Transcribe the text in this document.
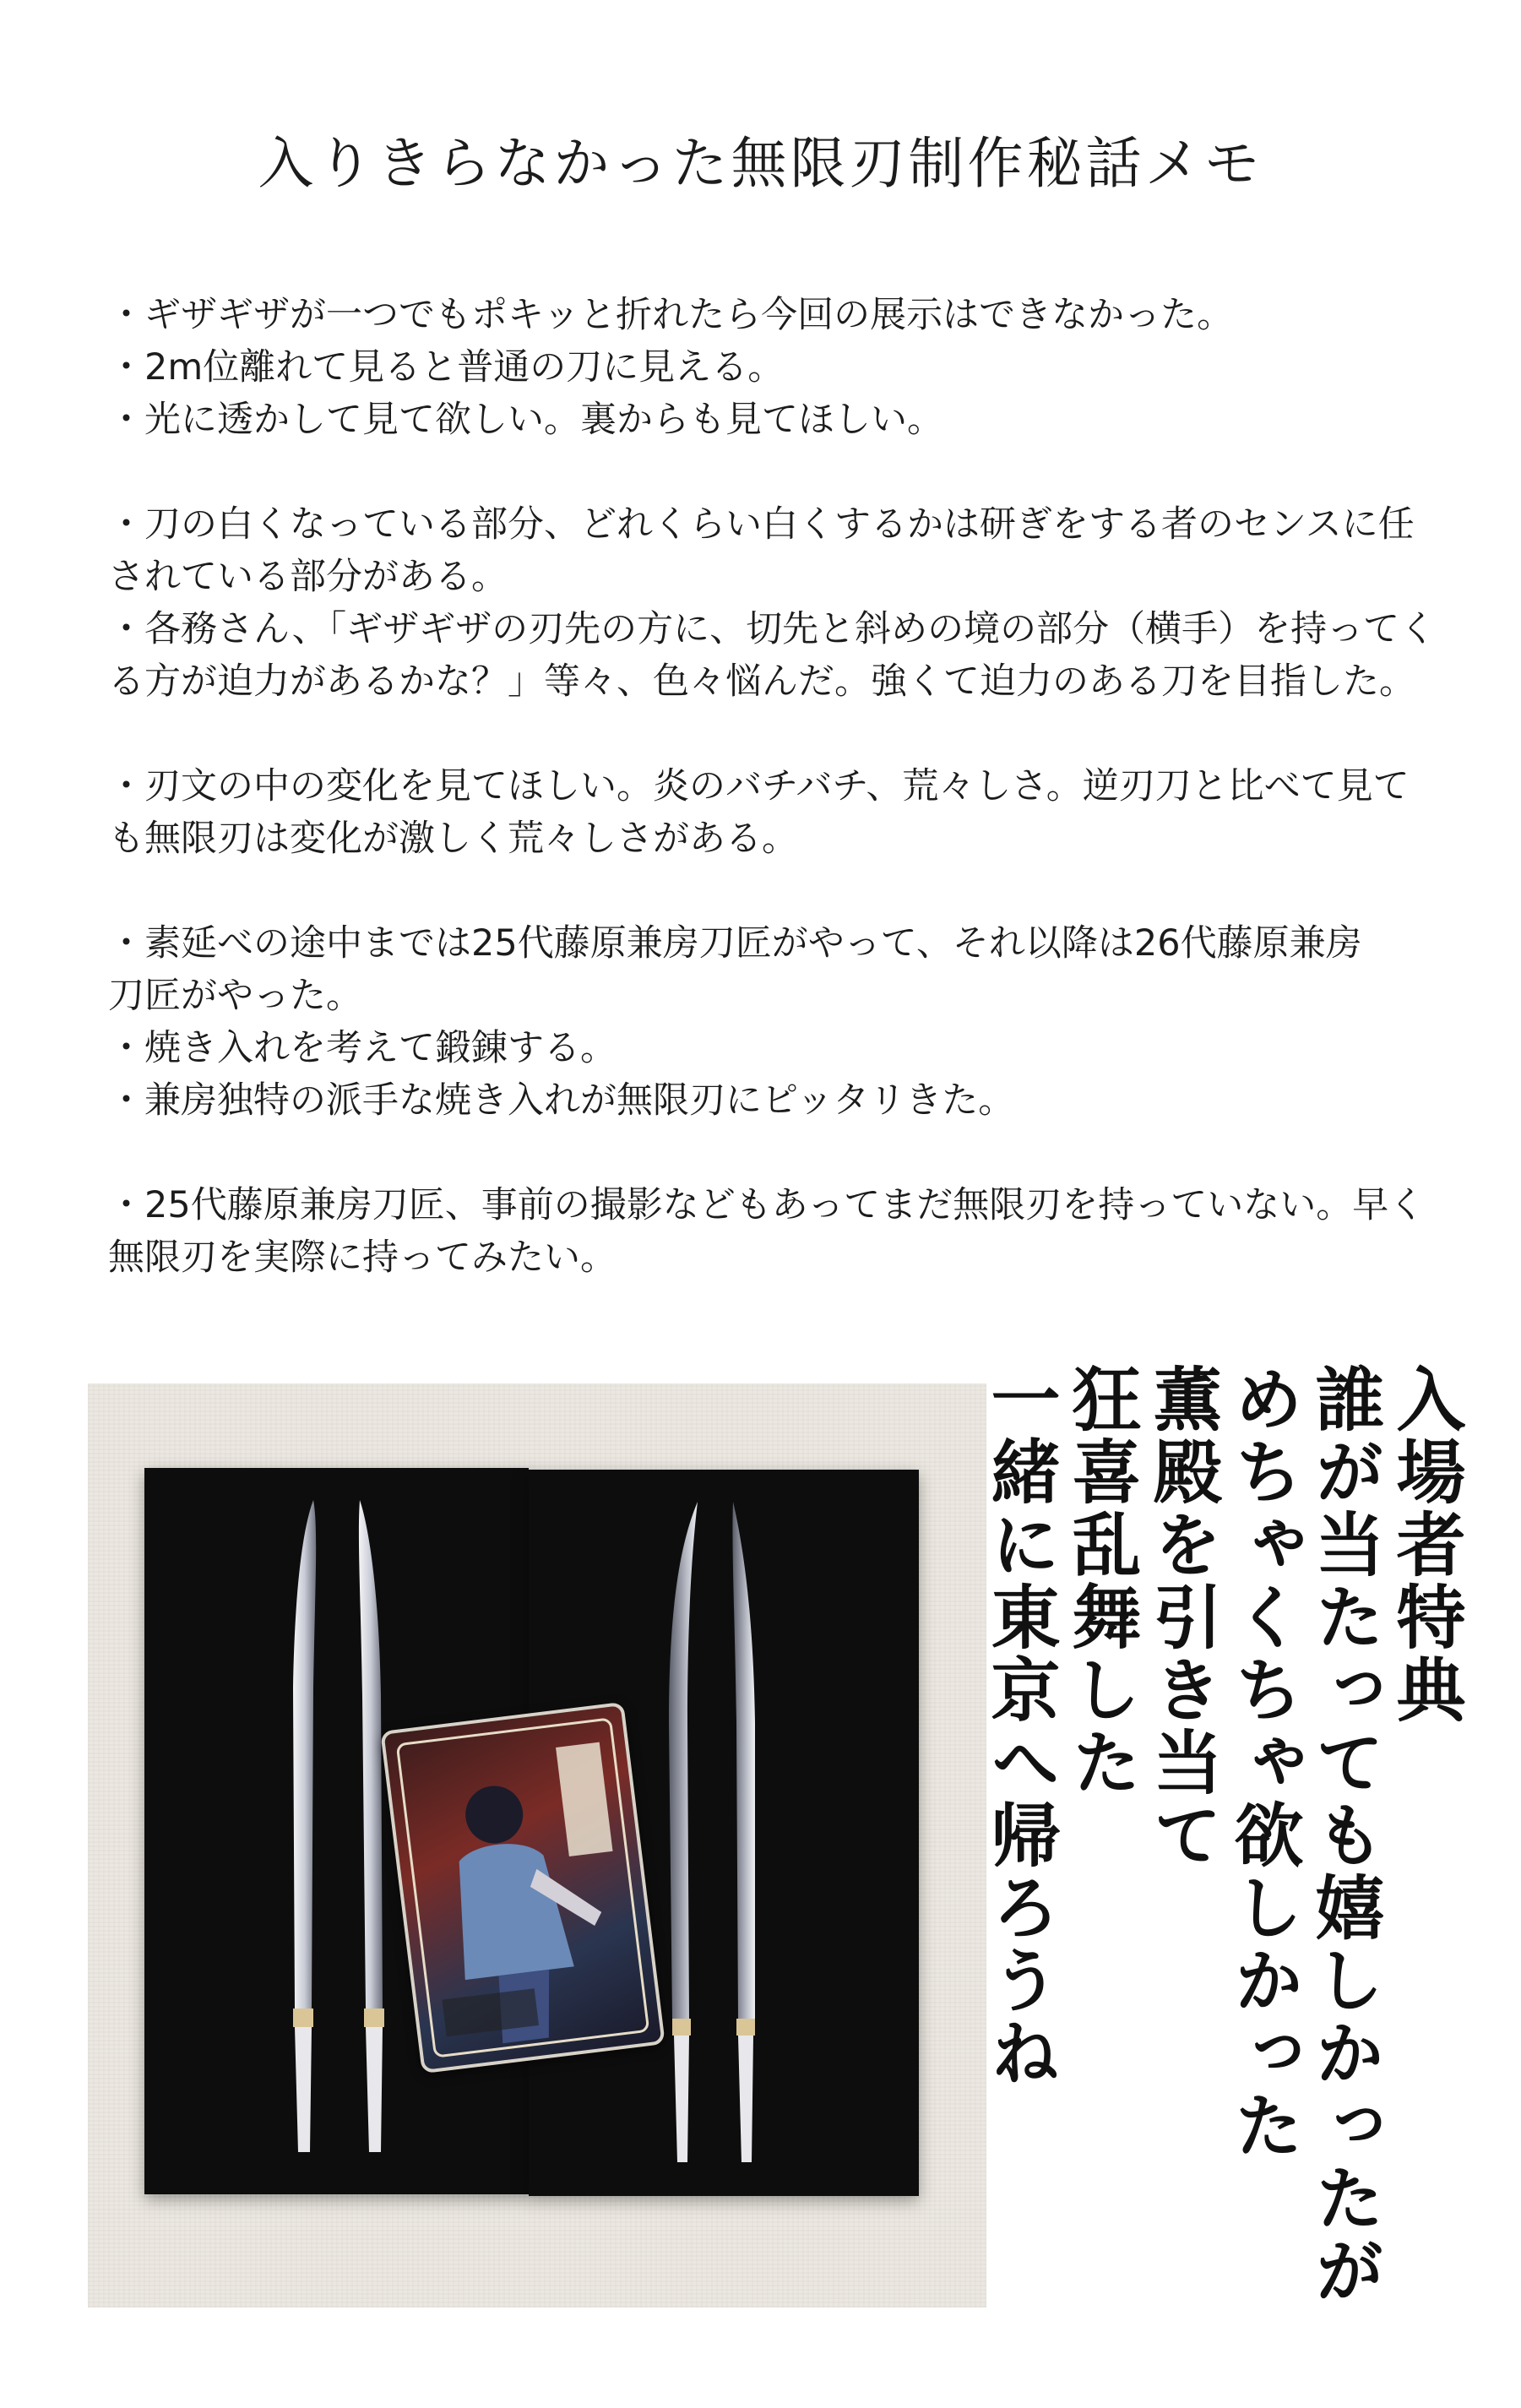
入りきらなかった無限刃制作秘話メモ

・ギザギザが一つでもポキッと折れたら今回の展示はできなかった。
・2m位離れて見ると普通の刀に見える。
・光に透かして見て欲しい。裏からも見てほしい。

・刀の白くなっている部分、どれくらい白くするかは研ぎをする者のセンスに任
されている部分がある。
・各務さん、「ギザギザの刃先の方に、切先と斜めの境の部分（横手）を持ってく
る方が迫力があるかな？」等々、色々悩んだ。強くて迫力のある刀を目指した。

・刃文の中の変化を見てほしい。炎のバチバチ、荒々しさ。逆刃刀と比べて見て
も無限刃は変化が激しく荒々しさがある。

・素延べの途中までは25代藤原兼房刀匠がやって、それ以降は26代藤原兼房
刀匠がやった。
・焼き入れを考えて鍛錬する。
・兼房独特の派手な焼き入れが無限刃にピッタリきた。

・25代藤原兼房刀匠、事前の撮影などもあってまだ無限刃を持っていない。早く
無限刃を実際に持ってみたい。

入場者特典
誰が当たっても嬉しかったが
めちゃくちゃ欲しかった
薫殿を引き当て
狂喜乱舞した
一緒に東京へ帰ろうね
